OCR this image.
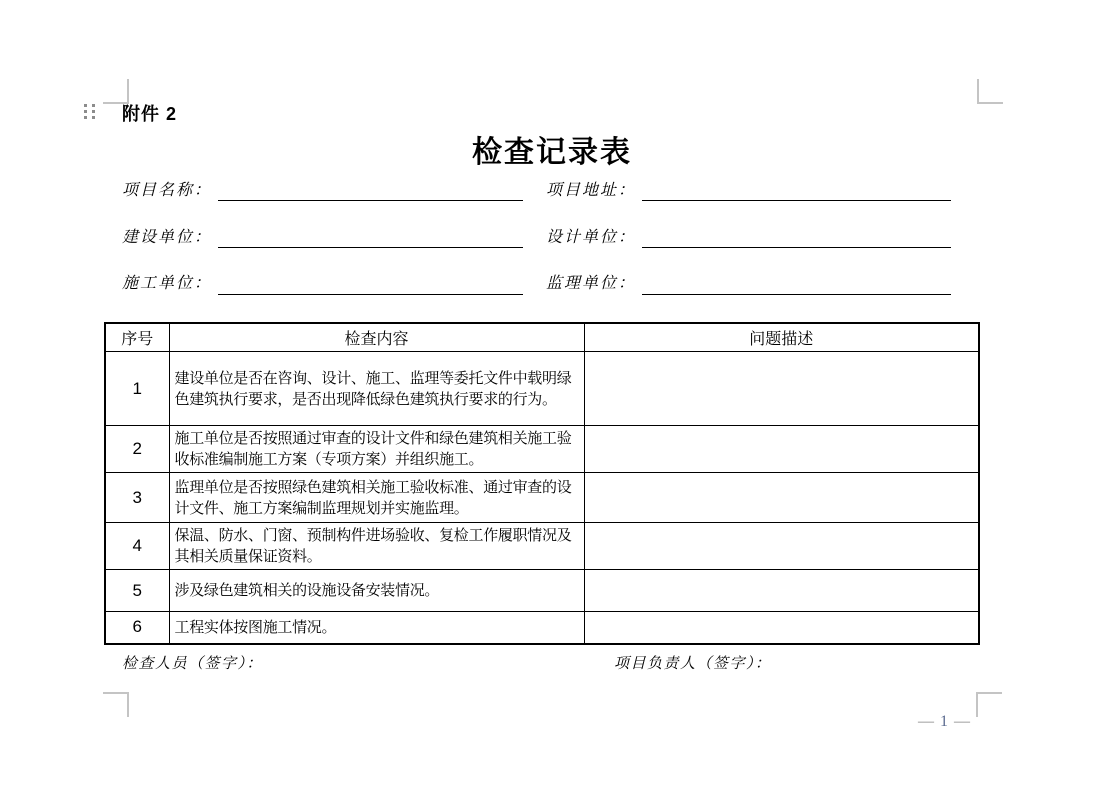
附件 2
检查记录表
项目名称：	项目地址：
建设单位：	设计单位：
施工单位：	监理单位：
序号	检查内容	问题描述
1	建设单位是否在咨询、设计、施工、监理等委托文件中载明绿色建筑执行要求，是否出现降低绿色建筑执行要求的行为。	
2	施工单位是否按照通过审查的设计文件和绿色建筑相关施工验收标准编制施工方案（专项方案）并组织施工。	
3	监理单位是否按照绿色建筑相关施工验收标准、通过审查的设计文件、施工方案编制监理规划并实施监理。	
4	保温、防水、门窗、预制构件进场验收、复检工作履职情况及其相关质量保证资料。	
5	涉及绿色建筑相关的设施设备安装情况。	
6	工程实体按图施工情况。	
检查人员（签字）：	项目负责人（签字）：
— 1 —
